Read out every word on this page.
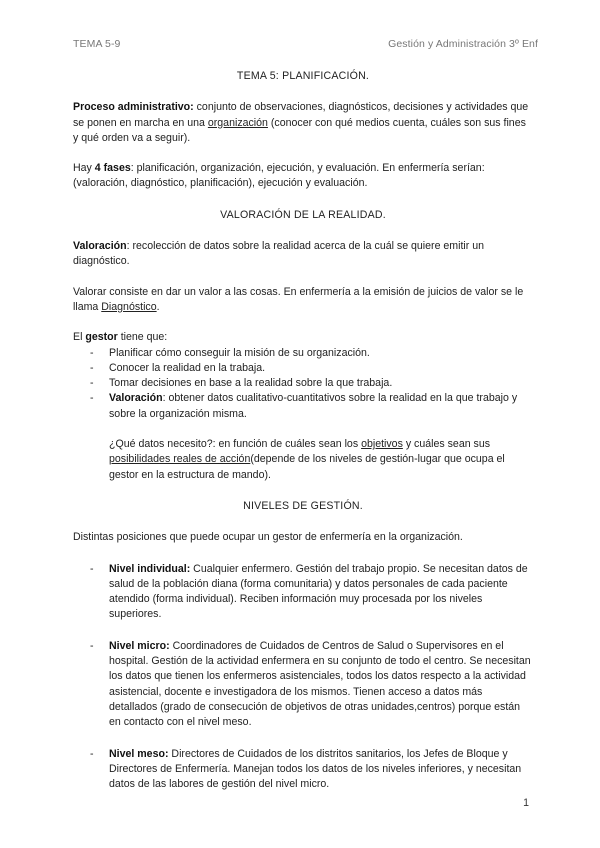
TEMA 5-9	Gestión y Administración 3º Enf

TEMA 5: PLANIFICACIÓN.

Proceso administrativo: conjunto de observaciones, diagnósticos, decisiones y actividades que se ponen en marcha en una organización (conocer con qué medios cuenta, cuáles son sus fines y qué orden va a seguir).

Hay 4 fases: planificación, organización, ejecución, y evaluación. En enfermería serían: (valoración, diagnóstico, planificación), ejecución y evaluación.

VALORACIÓN DE LA REALIDAD.

Valoración: recolección de datos sobre la realidad acerca de la cuál se quiere emitir un diagnóstico.

Valorar consiste en dar un valor a las cosas. En enfermería a la emisión de juicios de valor se le llama Diagnóstico.

El gestor tiene que:

- Planificar cómo conseguir la misión de su organización.
- Conocer la realidad en la trabaja.
- Tomar decisiones en base a la realidad sobre la que trabaja.
- Valoración: obtener datos cualitativo-cuantitativos sobre la realidad en la que trabajo y sobre la organización misma.

¿Qué datos necesito?: en función de cuáles sean los objetivos y cuáles sean sus posibilidades reales de acción(depende de los niveles de gestión-lugar que ocupa el gestor en la estructura de mando).

NIVELES DE GESTIÓN.

Distintas posiciones que puede ocupar un gestor de enfermería en la organización.

- Nivel individual: Cualquier enfermero. Gestión del trabajo propio. Se necesitan datos de salud de la población diana (forma comunitaria) y datos personales de cada paciente atendido (forma individual). Reciben información muy procesada por los niveles superiores.
- Nivel micro: Coordinadores de Cuidados de Centros de Salud o Supervisores en el hospital. Gestión de la actividad enfermera en su conjunto de todo el centro. Se necesitan los datos que tienen los enfermeros asistenciales, todos los datos respecto a la actividad asistencial, docente e investigadora de los mismos. Tienen acceso a datos más detallados (grado de consecución de objetivos de otras unidades,centros) porque están en contacto con el nivel meso.
- Nivel meso: Directores de Cuidados de los distritos sanitarios, los Jefes de Bloque y Directores de Enfermería. Manejan todos los datos de los niveles inferiores, y necesitan datos de las labores de gestión del nivel micro.
1
